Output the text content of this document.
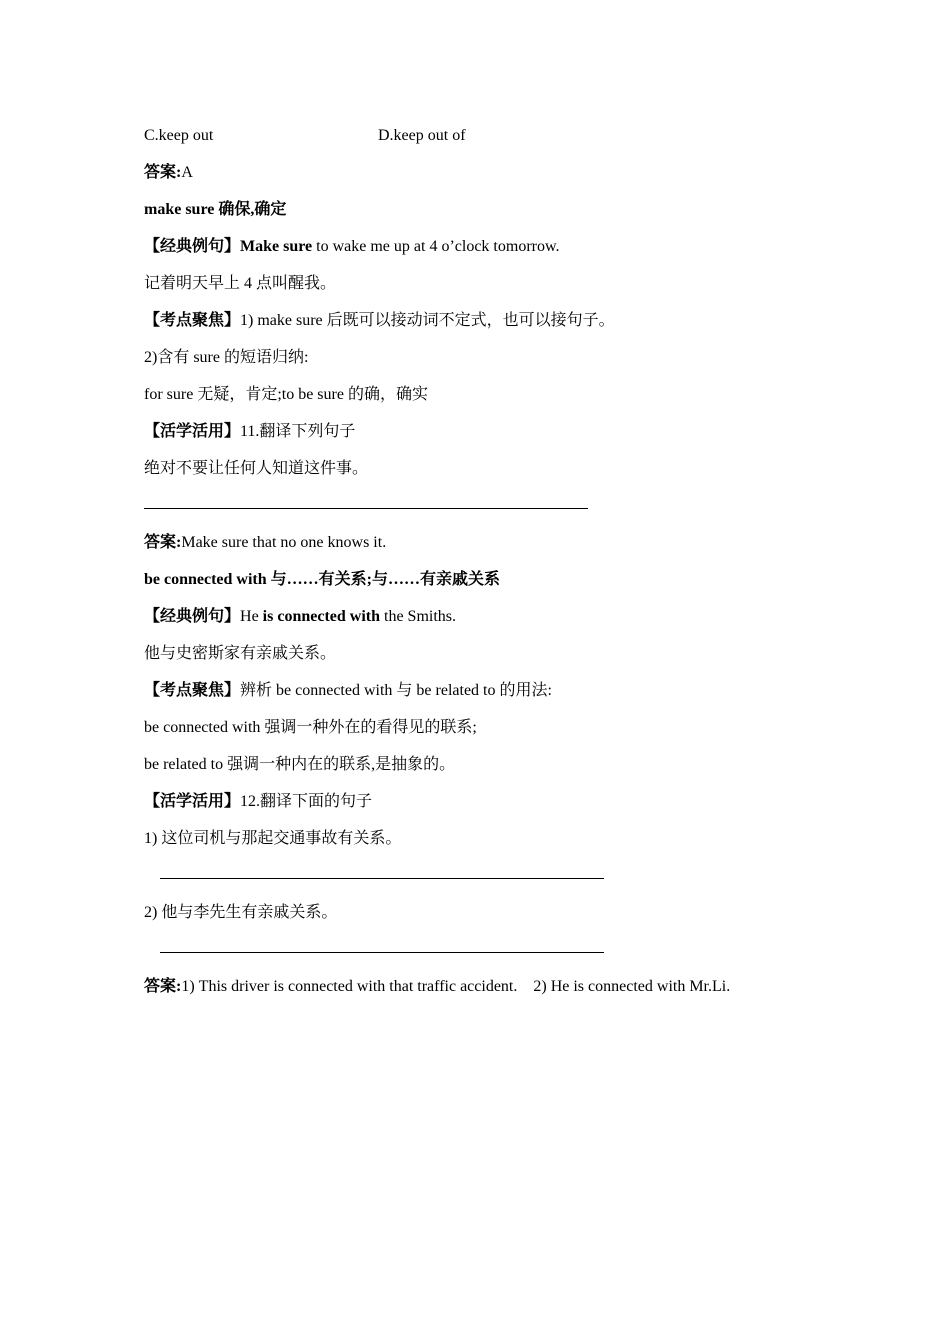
C.keep out	D.keep out of
答案:A
make sure 确保,确定
【经典例句】Make sure to wake me up at 4 o’clock tomorrow.
记着明天早上 4 点叫醒我。
【考点聚焦】1) make sure 后既可以接动词不定式，也可以接句子。
2)含有 sure 的短语归纳:
for sure 无疑，肯定;to be sure 的确，确实
【活学活用】11.翻译下列句子
绝对不要让任何人知道这件事。
答案:Make sure that no one knows it.
be connected with 与……有关系;与……有亲戚关系
【经典例句】He is connected with the Smiths.
他与史密斯家有亲戚关系。
【考点聚焦】辨析 be connected with 与 be related to 的用法:
be connected with 强调一种外在的看得见的联系;
be related to 强调一种内在的联系,是抽象的。
【活学活用】12.翻译下面的句子
1) 这位司机与那起交通事故有关系。
2) 他与李先生有亲戚关系。
答案:1) This driver is connected with that traffic accident. 2) He is connected with Mr.Li.
